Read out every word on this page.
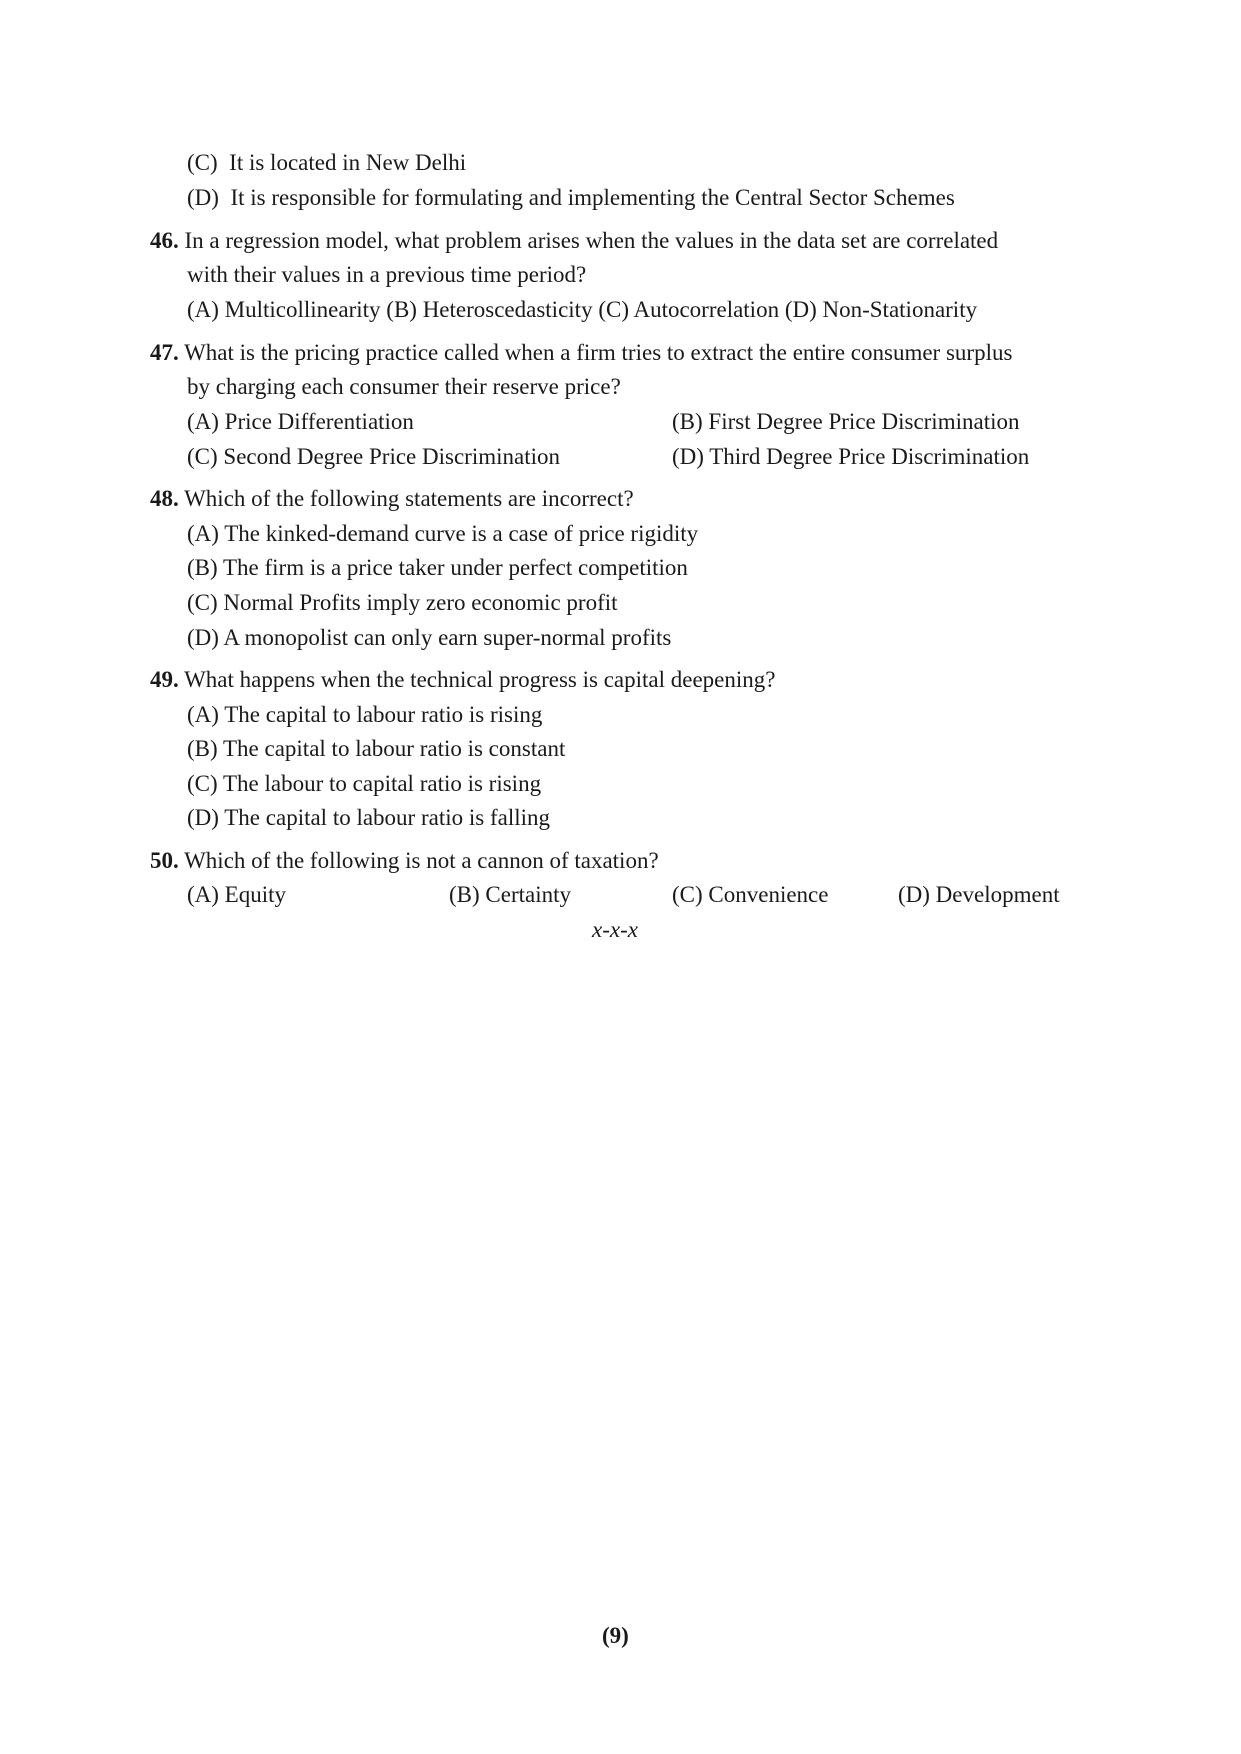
(C) It is located in New Delhi
(D) It is responsible for formulating and implementing the Central Sector Schemes
46. In a regression model, what problem arises when the values in the data set are correlated
with their values in a previous time period?
(A) Multicollinearity (B) Heteroscedasticity (C) Autocorrelation (D) Non-Stationarity
47. What is the pricing practice called when a firm tries to extract the entire consumer surplus
by charging each consumer their reserve price?
(A) Price Differentiation	(B) First Degree Price Discrimination
(C) Second Degree Price Discrimination	(D) Third Degree Price Discrimination
48. Which of the following statements are incorrect?
(A) The kinked-demand curve is a case of price rigidity
(B) The firm is a price taker under perfect competition
(C) Normal Profits imply zero economic profit
(D) A monopolist can only earn super-normal profits
49. What happens when the technical progress is capital deepening?
(A) The capital to labour ratio is rising
(B) The capital to labour ratio is constant
(C) The labour to capital ratio is rising
(D) The capital to labour ratio is falling
50. Which of the following is not a cannon of taxation?
(A) Equity	(B) Certainty	(C) Convenience	(D) Development
x-x-x
(9)
